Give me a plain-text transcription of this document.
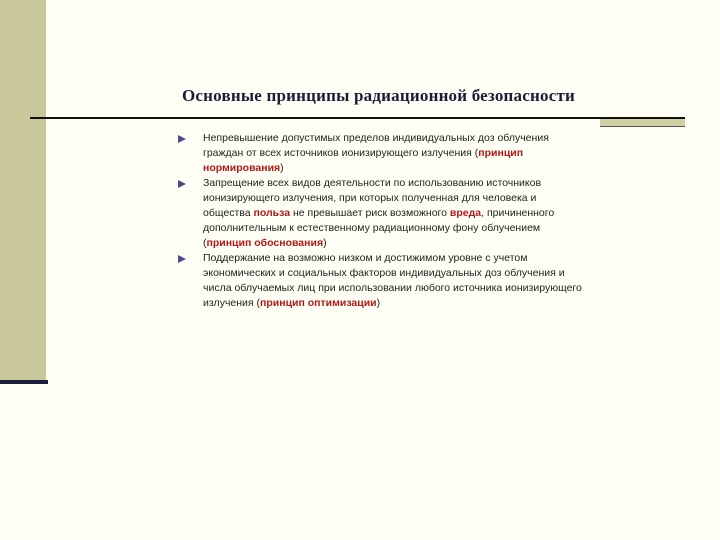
Основные принципы радиационной безопасности
Непревышение допустимых пределов индивидуальных доз облучения граждан от всех источников ионизирующего излучения (принцип нормирования)
Запрещение всех видов деятельности по использованию источников ионизирующего излучения, при которых полученная для человека и общества польза не превышает риск возможного вреда, причиненного дополнительным к естественному радиационному фону облучением (принцип обоснования)
Поддержание на возможно низком и достижимом уровне с учетом экономических и социальных факторов индивидуальных доз облучения и числа облучаемых лиц при использовании любого источника ионизирующего излучения (принцип оптимизации)
